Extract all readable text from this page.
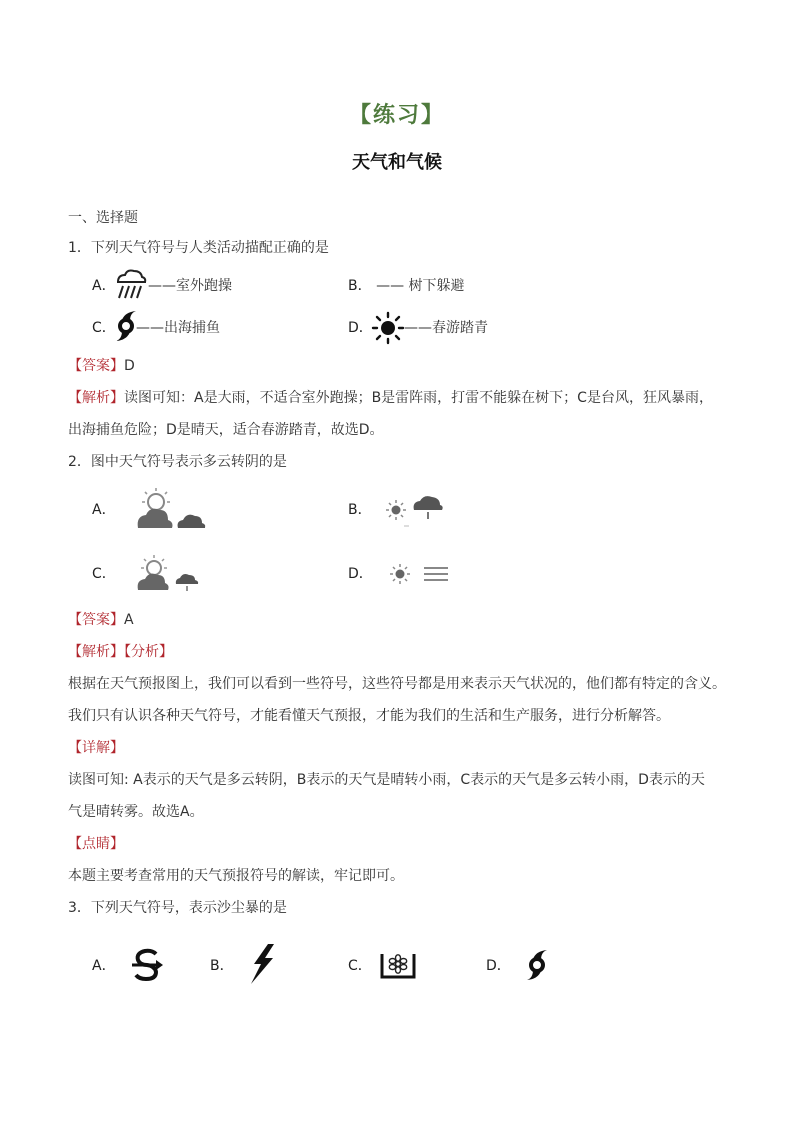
【练习】
天气和气候
一、选择题
1．下列天气符号与人类活动描配正确的是
A． ——室外跑操	B． —— 树下躲避
C． ——出海捕鱼	D． ——春游踏青
【答案】D
【解析】读图可知：A是大雨，不适合室外跑操；B是雷阵雨，打雷不能躲在树下；C是台风，狂风暴雨，
出海捕鱼危险；D是晴天，适合春游踏青，故选D。
2．图中天气符号表示多云转阴的是
A．	B．
C．	D．
【答案】A
【解析】【分析】
根据在天气预报图上，我们可以看到一些符号，这些符号都是用来表示天气状况的，他们都有特定的含义。
我们只有认识各种天气符号，才能看懂天气预报，才能为我们的生活和生产服务，进行分析解答。
【详解】
读图可知: A表示的天气是多云转阴，B表示的天气是晴转小雨，C表示的天气是多云转小雨，D表示的天
气是晴转雾。故选A。
【点睛】
本题主要考查常用的天气预报符号的解读，牢记即可。
3．下列天气符号，表示沙尘暴的是
A．	B．	C．	D．
